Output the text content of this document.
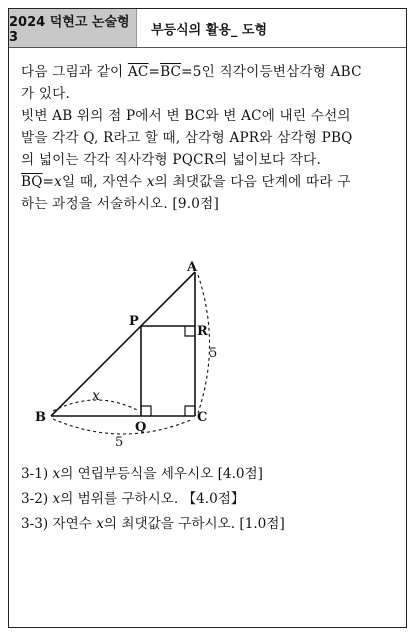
2024 덕현고 논술형3	부등식의 활용_ 도형

다음 그림과 같이 $\overline{AC}=\overline{BC}=5$인 직각이등변삼각형 ABC

가 있다.

빗변 AB 위의 점 P에서 변 BC와 변 AC에 내린 수선의

발을 각각 Q, R라고 할 때, 삼각형 APR와 삼각형 PBQ

의 넓이는 각각 직사각형 PQCR의 넓이보다 작다.

$\overline{BQ}=x$일 때, 자연수 x의 최댓값을 다음 단계에 따라 구

하는 과정을 서술하시오. [9.0점]

A
B	C
P
Q
R
x
5
5

3-1) x의 연립부등식을 세우시오 [4.0점]

3-2) x의 범위를 구하시오. 【4.0점】

3-3) 자연수 x의 최댓값을 구하시오. [1.0점]
